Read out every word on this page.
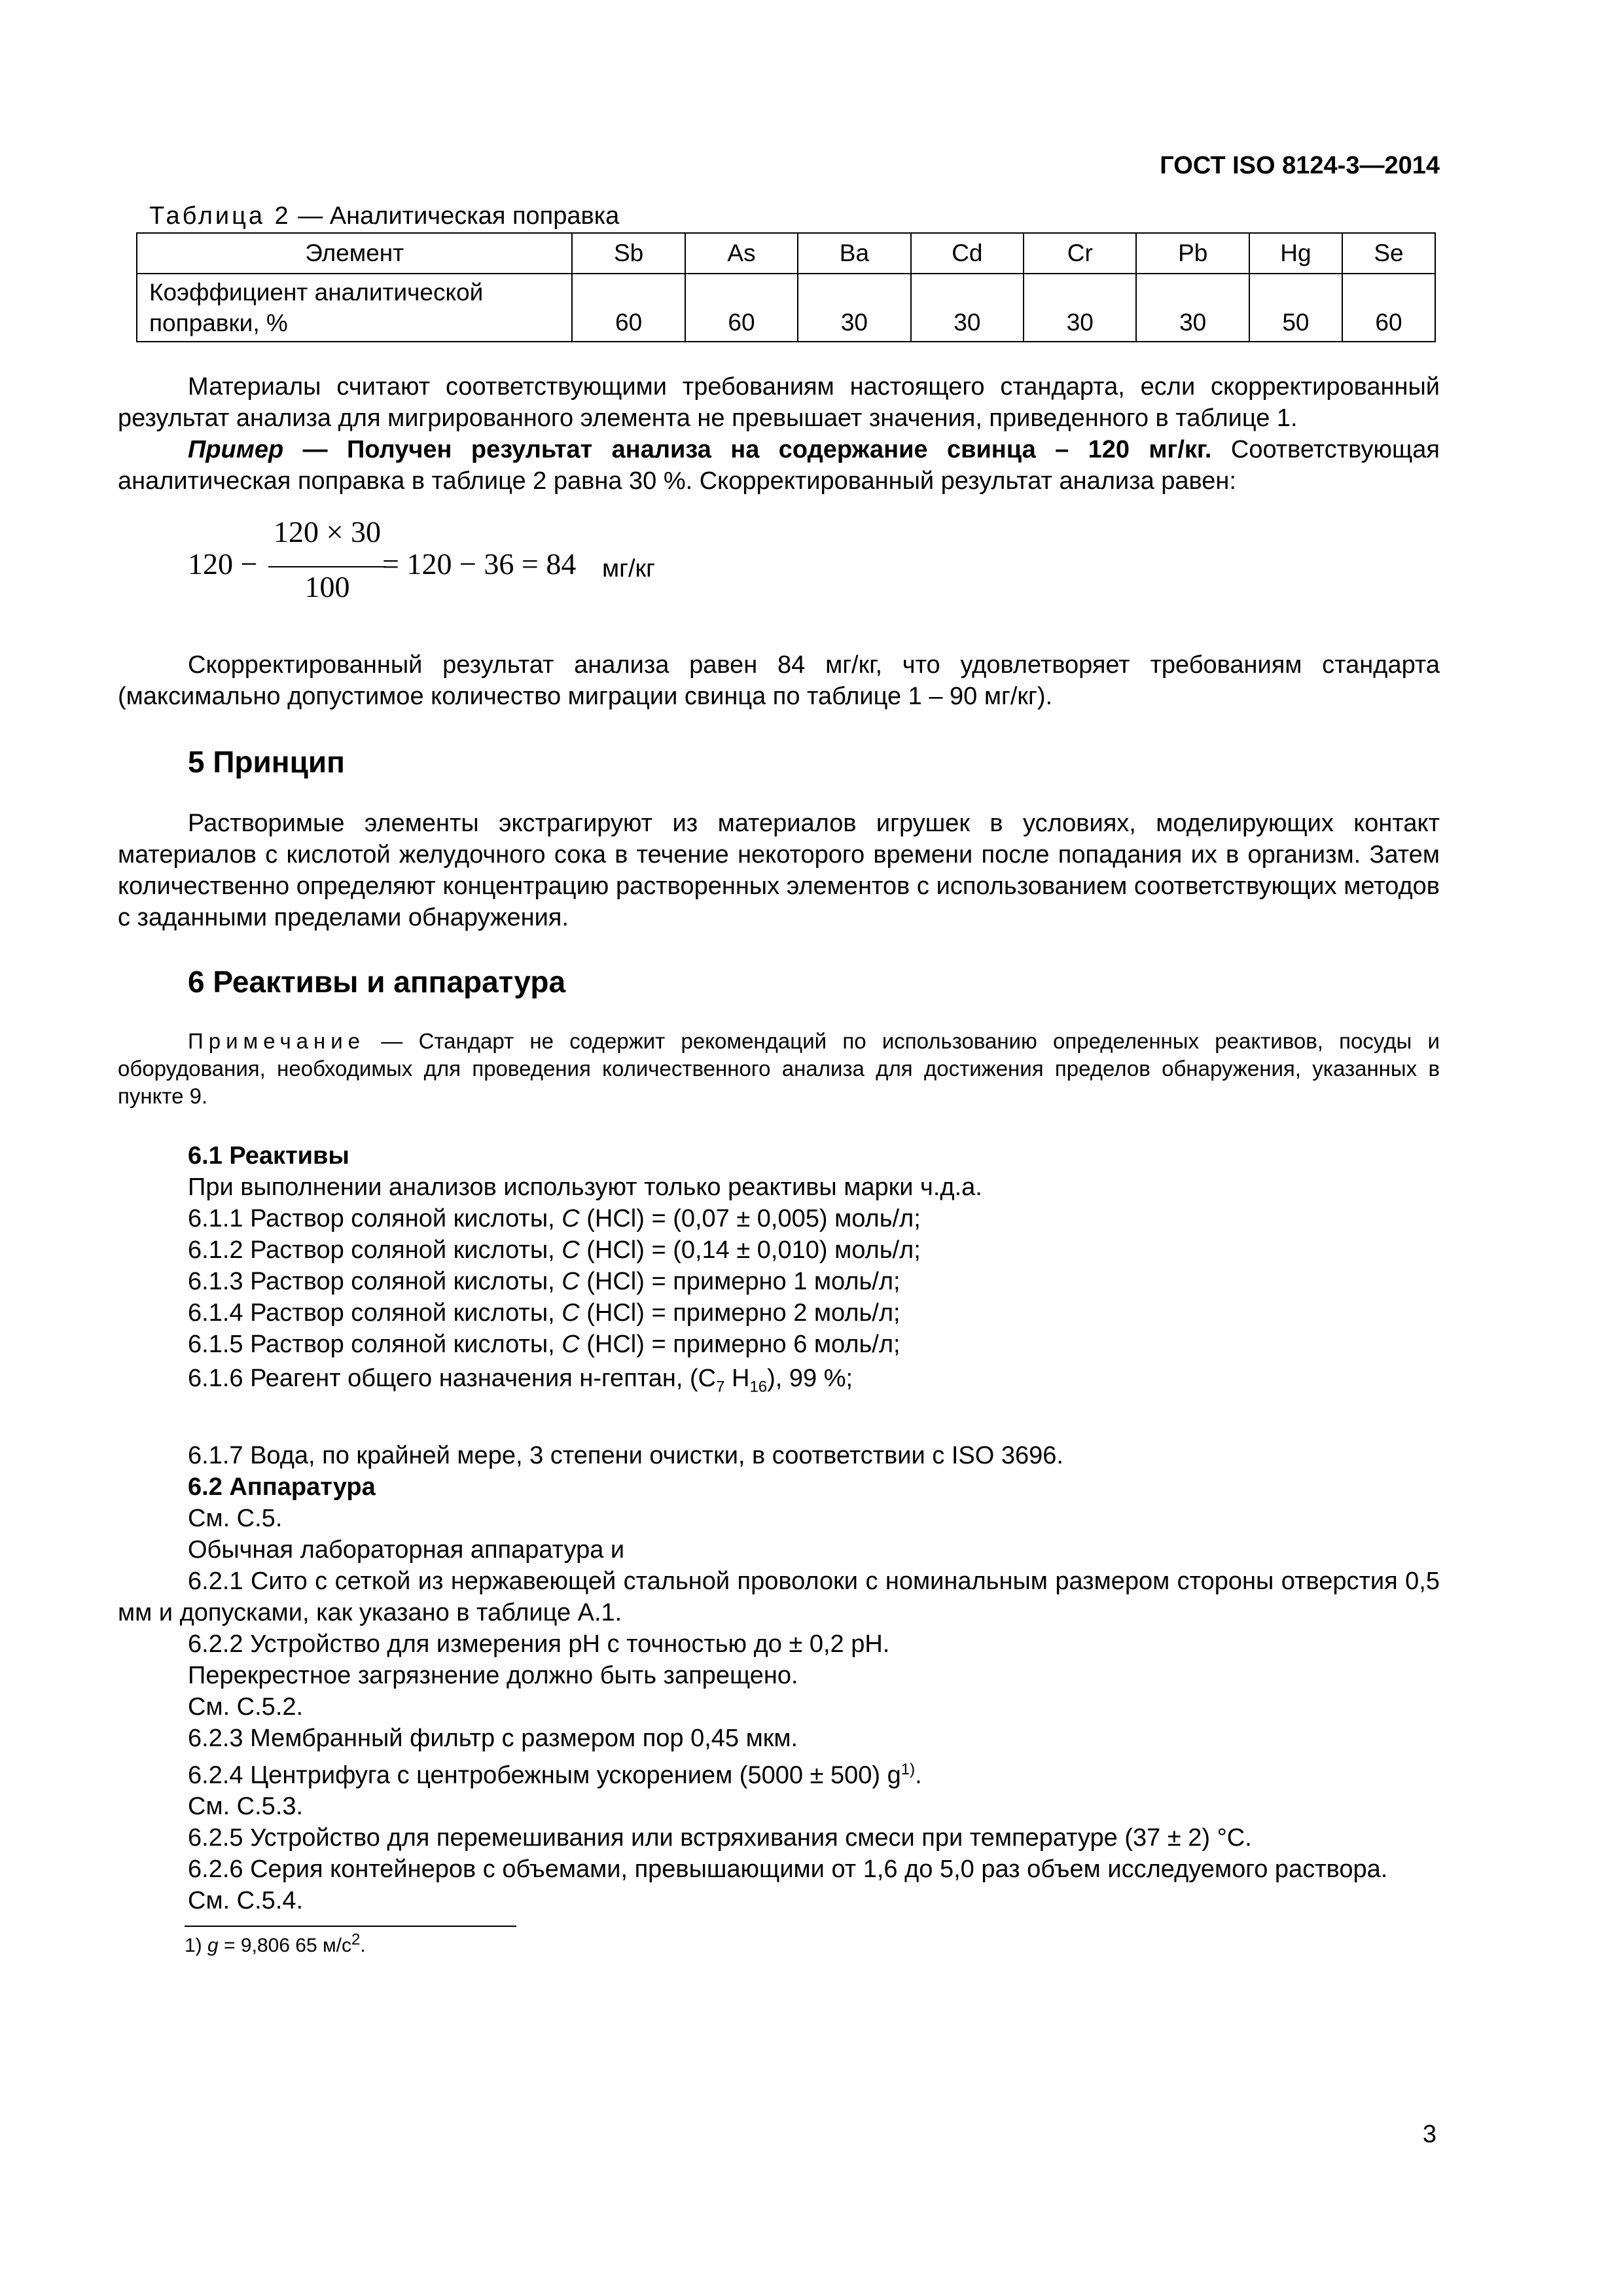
ГОСТ ISO 8124-3—2014
Таблица 2 — Аналитическая поправка
Элемент	Sb	As	Ba	Cd	Cr	Pb	Hg	Se
Коэффициент аналитической поправки, %	60	60	30	30	30	30	50	60

Материалы считают соответствующими требованиям настоящего стандарта, если скорректированный результат анализа для мигрированного элемента не превышает значения, приведенного в таблице 1.

Пример — Получен результат анализа на содержание свинца – 120 мг/кг. Соответствующая аналитическая поправка в таблице 2 равна 30 %. Скорректированный результат анализа равен:

120 −
120 × 30
100
= 120 − 36 = 84 мг/кг

Скорректированный результат анализа равен 84 мг/кг, что удовлетворяет требованиям стандарта (максимально допустимое количество миграции свинца по таблице 1 – 90 мг/кг).

5 Принцип

Растворимые элементы экстрагируют из материалов игрушек в условиях, моделирующих контакт материалов с кислотой желудочного сока в течение некоторого времени после попадания их в организм. Затем количественно определяют концентрацию растворенных элементов с использованием соответствующих методов с заданными пределами обнаружения.

6 Реактивы и аппаратура

Примечание — Стандарт не содержит рекомендаций по использованию определенных реактивов, посуды и оборудования, необходимых для проведения количественного анализа для достижения пределов обнаружения, указанных в пункте 9.

6.1 Реактивы

При выполнении анализов используют только реактивы марки ч.д.а.

6.1.1 Раствор соляной кислоты, C (HCl) = (0,07 ± 0,005) моль/л;

6.1.2 Раствор соляной кислоты, C (HCl) = (0,14 ± 0,010) моль/л;

6.1.3 Раствор соляной кислоты, C (HCl) = примерно 1 моль/л;

6.1.4 Раствор соляной кислоты, C (HCl) = примерно 2 моль/л;

6.1.5 Раствор соляной кислоты, C (HCl) = примерно 6 моль/л;

6.1.6 Реагент общего назначения н-гептан, ($C_7$ $H_{16}$), 99 %;

6.1.7 Вода, по крайней мере, 3 степени очистки, в соответствии с ISO 3696.

6.2 Аппаратура

См. С.5.

Обычная лабораторная аппаратура и

6.2.1 Сито с сеткой из нержавеющей стальной проволоки с номинальным размером стороны отверстия 0,5 мм и допусками, как указано в таблице А.1.

6.2.2 Устройство для измерения pH с точностью до ± 0,2 pH.

Перекрестное загрязнение должно быть запрещено.

См. С.5.2.

6.2.3 Мембранный фильтр с размером пор 0,45 мкм.

6.2.4 Центрифуга с центробежным ускорением (5000 ± 500) $g^{1)}$.

См. С.5.3.

6.2.5 Устройство для перемешивания или встряхивания смеси при температуре (37 ± 2) °С.

6.2.6 Серия контейнеров с объемами, превышающими от 1,6 до 5,0 раз объем исследуемого раствора.

См. С.5.4.

1) g = 9,806 65 $м/с^2$.

3
